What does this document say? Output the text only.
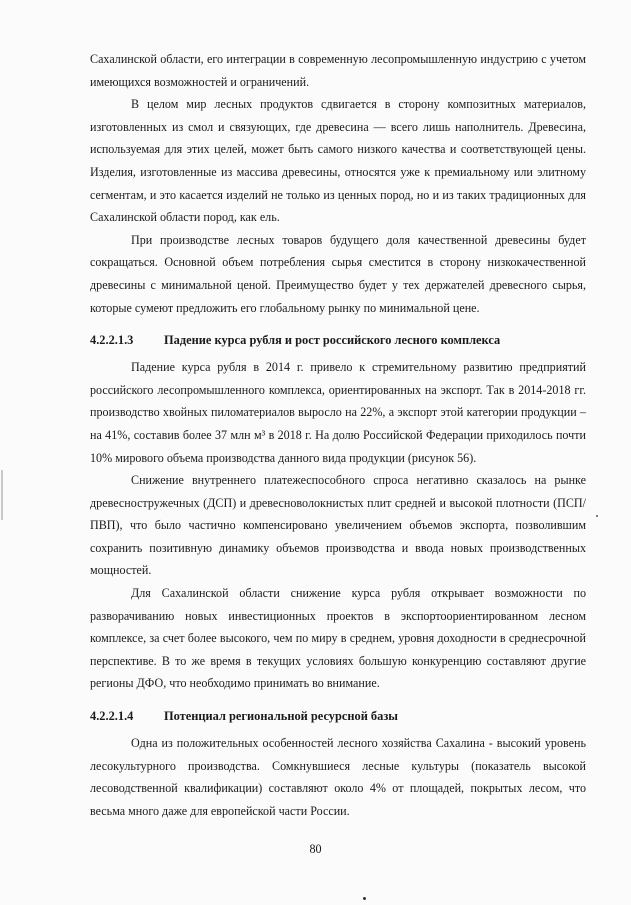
Сахалинской области, его интеграции в современную лесопромышленную индустрию с учетом имеющихся возможностей и ограничений.

В целом мир лесных продуктов сдвигается в сторону композитных материалов, изготовленных из смол и связующих, где древесина — всего лишь наполнитель. Древесина, используемая для этих целей, может быть самого низкого качества и соответствующей цены. Изделия, изготовленные из массива древесины, относятся уже к премиальному или элитному сегментам, и это касается изделий не только из ценных пород, но и из таких традиционных для Сахалинской области пород, как ель.

При производстве лесных товаров будущего доля качественной древесины будет сокращаться. Основной объем потребления сырья сместится в сторону низкокачественной древесины с минимальной ценой. Преимущество будет у тех держателей древесного сырья, которые сумеют предложить его глобальному рынку по минимальной цене.

4.2.2.1.3 Падение курса рубля и рост российского лесного комплекса

Падение курса рубля в 2014 г. привело к стремительному развитию предприятий российского лесопромышленного комплекса, ориентированных на экспорт. Так в 2014-2018 гг. производство хвойных пиломатериалов выросло на 22%, а экспорт этой категории продукции – на 41%, составив более 37 млн м³ в 2018 г. На долю Российской Федерации приходилось почти 10% мирового объема производства данного вида продукции (рисунок 56).

Снижение внутреннего платежеспособного спроса негативно сказалось на рынке древесностружечных (ДСП) и древесноволокнистых плит средней и высокой плотности (ПСП/ПВП), что было частично компенсировано увеличением объемов экспорта, позволившим сохранить позитивную динамику объемов производства и ввода новых производственных мощностей.

Для Сахалинской области снижение курса рубля открывает возможности по разворачиванию новых инвестиционных проектов в экспортоориентированном лесном комплексе, за счет более высокого, чем по миру в среднем, уровня доходности в среднесрочной перспективе. В то же время в текущих условиях большую конкуренцию составляют другие регионы ДФО, что необходимо принимать во внимание.

4.2.2.1.4 Потенциал региональной ресурсной базы

Одна из положительных особенностей лесного хозяйства Сахалина - высокий уровень лесокультурного производства. Сомкнувшиеся лесные культуры (показатель высокой лесоводственной квалификации) составляют около 4% от площадей, покрытых лесом, что весьма много даже для европейской части России.

80
